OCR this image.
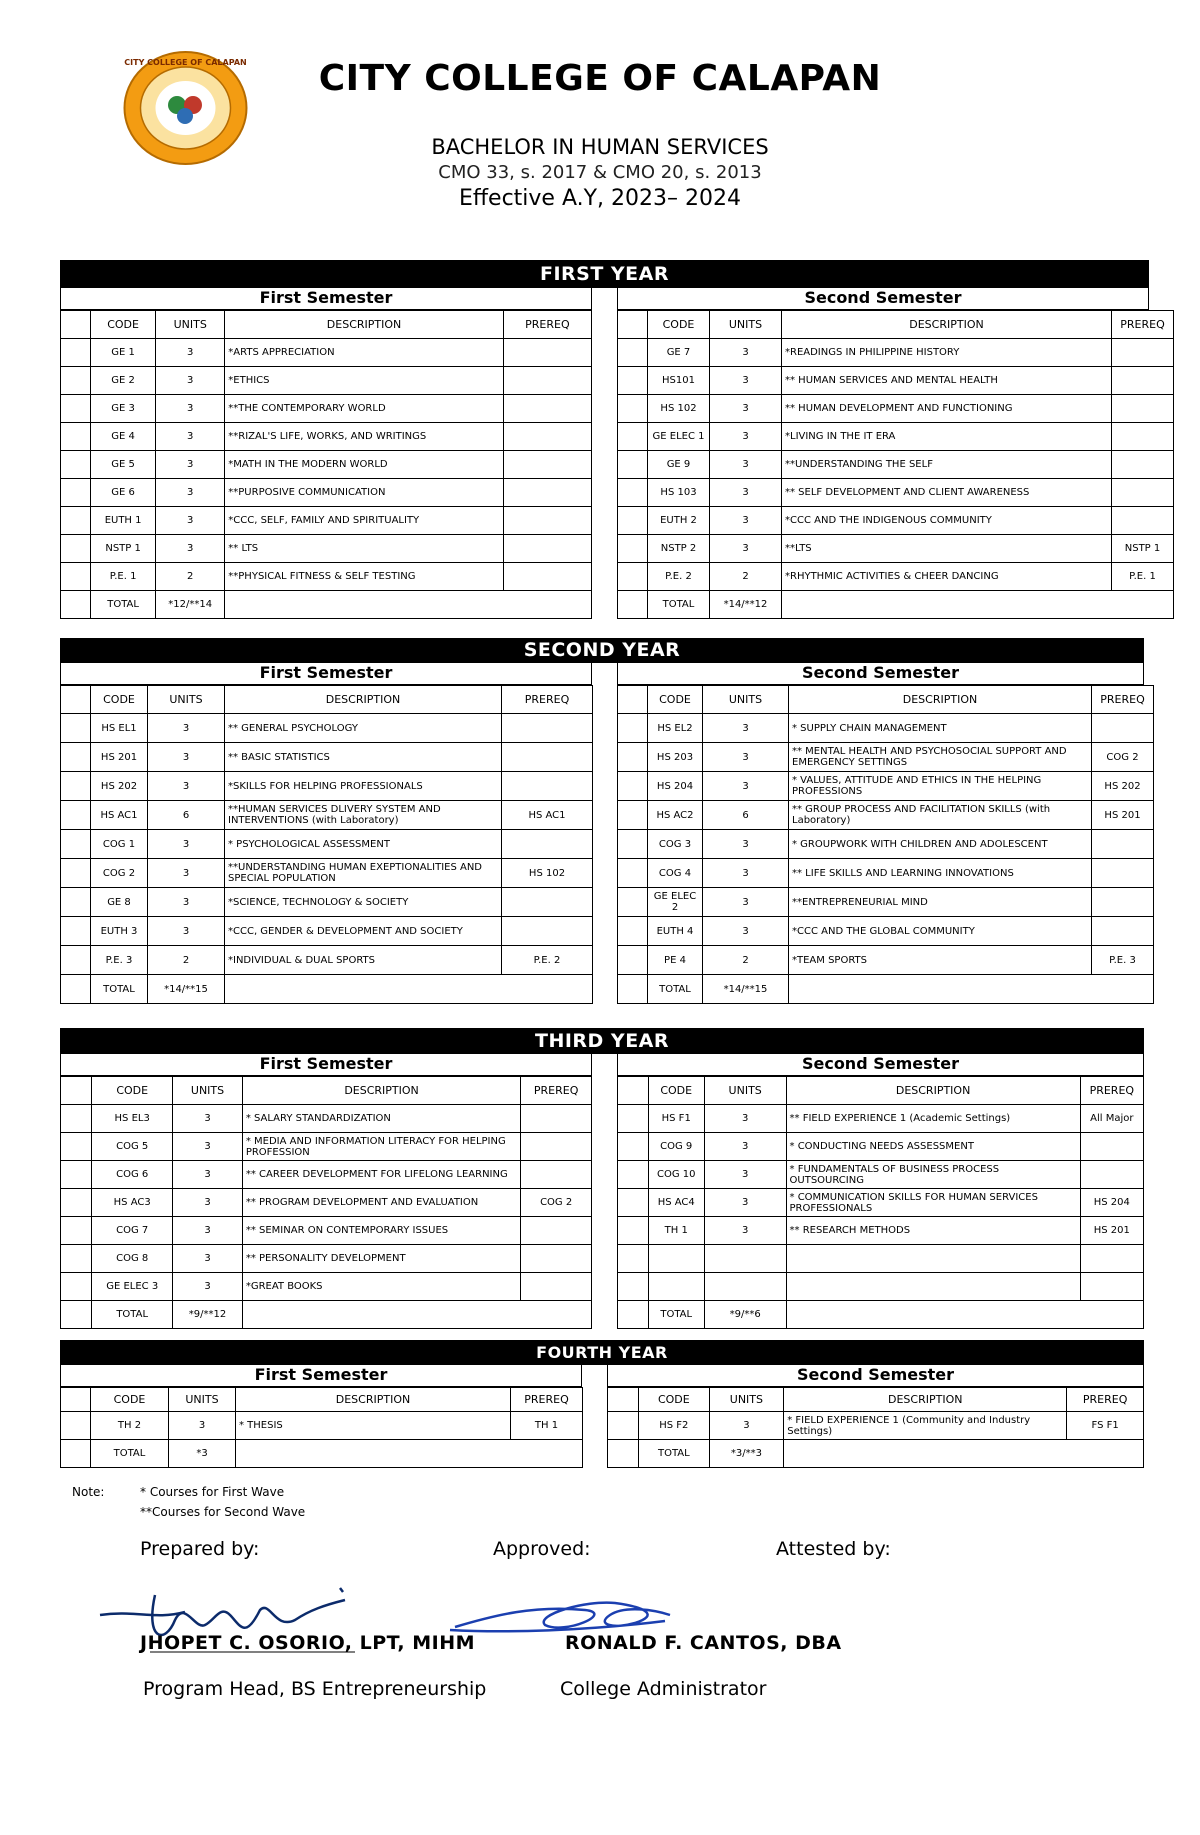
CITY COLLEGE OF CALAPAN	CITY COLLEGE OF CALAPAN
BACHELOR IN HUMAN SERVICES
CMO 33, s. 2017 & CMO 20, s. 2013
Effective A.Y, 2023– 2024
FIRST YEAR
First Semester
	CODE	UNITS	DESCRIPTION	PREREQ
	GE 1	3	*ARTS APPRECIATION	
	GE 2	3	*ETHICS	
	GE 3	3	**THE CONTEMPORARY WORLD	
	GE 4	3	**RIZAL'S LIFE, WORKS, AND WRITINGS	
	GE 5	3	*MATH IN THE MODERN WORLD	
	GE 6	3	**PURPOSIVE COMMUNICATION	
	EUTH 1	3	*CCC, SELF, FAMILY AND SPIRITUALITY	
	NSTP 1	3	** LTS	
	P.E. 1	2	**PHYSICAL FITNESS & SELF TESTING	
	TOTAL	*12/**14		
Second Semester
	CODE	UNITS	DESCRIPTION	PREREQ
	GE 7	3	*READINGS IN PHILIPPINE HISTORY	
	HS101	3	** HUMAN SERVICES AND MENTAL HEALTH	
	HS 102	3	** HUMAN DEVELOPMENT AND FUNCTIONING	
	GE ELEC 1	3	*LIVING IN THE IT ERA	
	GE 9	3	**UNDERSTANDING THE SELF	
	HS 103	3	** SELF DEVELOPMENT AND CLIENT AWARENESS	
	EUTH 2	3	*CCC AND THE INDIGENOUS COMMUNITY	
	NSTP 2	3	**LTS	NSTP 1
	P.E. 2	2	*RHYTHMIC ACTIVITIES & CHEER DANCING	P.E. 1
	TOTAL	*14/**12		
SECOND YEAR
First Semester
	CODE	UNITS	DESCRIPTION	PREREQ
	HS EL1	3	** GENERAL PSYCHOLOGY	
	HS 201	3	** BASIC STATISTICS	
	HS 202	3	*SKILLS FOR HELPING PROFESSIONALS	
	HS AC1	6	**HUMAN SERVICES DLIVERY SYSTEM AND INTERVENTIONS (with Laboratory)	HS AC1
	COG 1	3	* PSYCHOLOGICAL ASSESSMENT	
	COG 2	3	**UNDERSTANDING HUMAN EXEPTIONALITIES AND SPECIAL POPULATION	HS 102
	GE 8	3	*SCIENCE, TECHNOLOGY & SOCIETY	
	EUTH 3	3	*CCC, GENDER & DEVELOPMENT AND SOCIETY	
	P.E. 3	2	*INDIVIDUAL & DUAL SPORTS	P.E. 2
	TOTAL	*14/**15		
Second Semester
	CODE	UNITS	DESCRIPTION	PREREQ
	HS EL2	3	* SUPPLY CHAIN MANAGEMENT	
	HS 203	3	** MENTAL HEALTH AND PSYCHOSOCIAL SUPPORT AND EMERGENCY SETTINGS	COG 2
	HS 204	3	* VALUES, ATTITUDE AND ETHICS IN THE HELPING PROFESSIONS	HS 202
	HS AC2	6	** GROUP PROCESS AND FACILITATION SKILLS (with Laboratory)	HS 201
	COG 3	3	* GROUPWORK WITH CHILDREN AND ADOLESCENT	
	COG 4	3	** LIFE SKILLS AND LEARNING INNOVATIONS	
	GE ELEC 2	3	**ENTREPRENEURIAL MIND	
	EUTH 4	3	*CCC AND THE GLOBAL COMMUNITY	
	PE 4	2	*TEAM SPORTS	P.E. 3
	TOTAL	*14/**15		
THIRD YEAR
First Semester
	CODE	UNITS	DESCRIPTION	PREREQ
	HS EL3	3	* SALARY STANDARDIZATION	
	COG 5	3	* MEDIA AND INFORMATION LITERACY FOR HELPING PROFESSION	
	COG 6	3	** CAREER DEVELOPMENT FOR LIFELONG LEARNING	
	HS AC3	3	** PROGRAM DEVELOPMENT AND EVALUATION	COG 2
	COG 7	3	** SEMINAR ON CONTEMPORARY ISSUES	
	COG 8	3	** PERSONALITY DEVELOPMENT	
	GE ELEC 3	3	*GREAT BOOKS	
	TOTAL	*9/**12		
Second Semester
	CODE	UNITS	DESCRIPTION	PREREQ
	HS F1	3	** FIELD EXPERIENCE 1 (Academic Settings)	All Major
	COG 9	3	* CONDUCTING NEEDS ASSESSMENT	
	COG 10	3	* FUNDAMENTALS OF BUSINESS PROCESS OUTSOURCING	
	HS AC4	3	* COMMUNICATION SKILLS FOR HUMAN SERVICES PROFESSIONALS	HS 204
	TH 1	3	** RESEARCH METHODS	HS 201

	TOTAL	*9/**6		
FOURTH YEAR
First Semester
	CODE	UNITS	DESCRIPTION	PREREQ
	TH 2	3	* THESIS	TH 1
	TOTAL	*3		
Second Semester
	CODE	UNITS	DESCRIPTION	PREREQ
	HS F2	3	* FIELD EXPERIENCE 1 (Community and Industry Settings)	FS F1
	TOTAL	*3/**3		
Note:	* Courses for First Wave
**Courses for Second Wave
Prepared by:	Approved:	Attested by:
JHOPET C. OSORIO, LPT, MIHM	RONALD F. CANTOS, DBA
Program Head, BS Entrepreneurship	College Administrator
